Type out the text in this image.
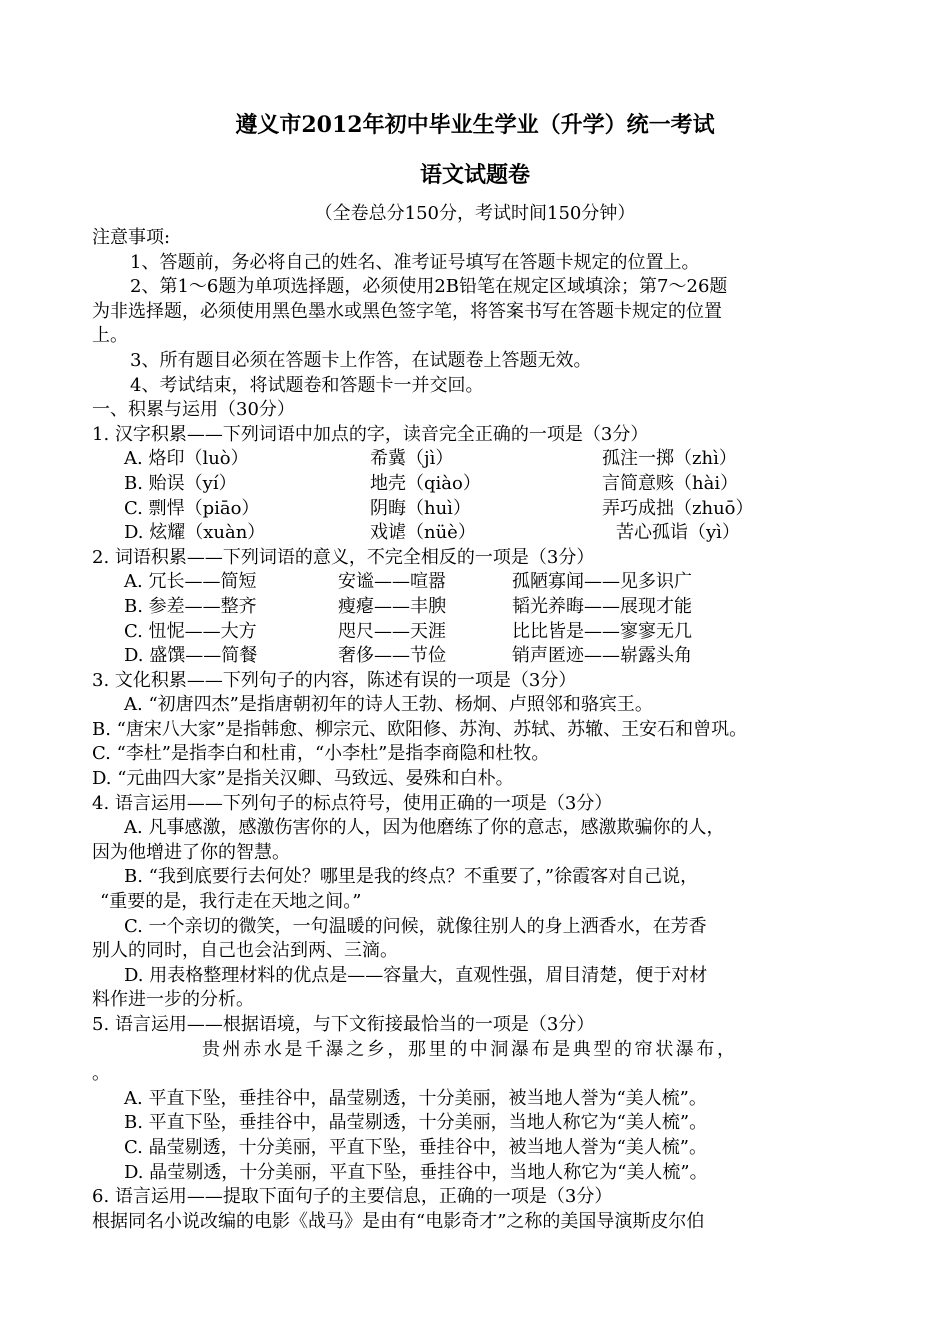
遵义市2012年初中毕业生学业（升学）统一考试
语文试题卷
（全卷总分150分，考试时间150分钟）
注意事项:
1、答题前，务必将自己的姓名、准考证号填写在答题卡规定的位置上。
2、第1～6题为单项选择题，必须使用2B铅笔在规定区域填涂；第7～26题
为非选择题，必须使用黑色墨水或黑色签字笔，将答案书写在答题卡规定的位置
上。
3、所有题目必须在答题卡上作答，在试题卷上答题无效。
4、考试结束，将试题卷和答题卡一并交回。
一、积累与运用（30分）
1. 汉字积累——下列词语中加点的字，读音完全正确的一项是（3分）
A. 烙印（luò）	希冀（jì）	孤注一掷（zhì）
B. 贻误（yí）	地壳（qiào）	言简意赅（hài）
C. 剽悍（piāo）	阴晦（huì）	弄巧成拙（zhuō）
D. 炫耀（xuàn）	戏谑（nüè）	苦心孤诣（yì）
2. 词语积累——下列词语的意义，不完全相反的一项是（3分）
A. 冗长——简短	安谧——喧嚣	孤陋寡闻——见多识广
B. 参差——整齐	瘦瘪——丰腴	韬光养晦——展现才能
C. 忸怩——大方	咫尺——天涯	比比皆是——寥寥无几
D. 盛馔——简餐	奢侈——节俭	销声匿迹——崭露头角
3. 文化积累——下列句子的内容，陈述有误的一项是（3分）
A. “初唐四杰”是指唐朝初年的诗人王勃、杨炯、卢照邻和骆宾王。
B. “唐宋八大家”是指韩愈、柳宗元、欧阳修、苏洵、苏轼、苏辙、王安石和曾巩。
C. “李杜”是指李白和杜甫，“小李杜”是指李商隐和杜牧。
D. “元曲四大家”是指关汉卿、马致远、晏殊和白朴。
4. 语言运用——下列句子的标点符号，使用正确的一项是（3分）
A. 凡事感激，感激伤害你的人，因为他磨练了你的意志，感激欺骗你的人，
因为他增进了你的智慧。
B. “我到底要行去何处？哪里是我的终点？不重要了，”徐霞客对自己说，
“重要的是，我行走在天地之间。”
C. 一个亲切的微笑，一句温暖的问候，就像往别人的身上洒香水，在芳香
别人的同时，自己也会沾到两、三滴。
D. 用表格整理材料的优点是——容量大，直观性强，眉目清楚，便于对材
料作进一步的分析。
5. 语言运用——根据语境，与下文衔接最恰当的一项是（3分）
贵州赤水是千瀑之乡，那里的中洞瀑布是典型的帘状瀑布，
。
A. 平直下坠，垂挂谷中，晶莹剔透，十分美丽，被当地人誉为“美人梳”。
B. 平直下坠，垂挂谷中，晶莹剔透，十分美丽，当地人称它为“美人梳”。
C. 晶莹剔透，十分美丽，平直下坠，垂挂谷中，被当地人誉为“美人梳”。
D. 晶莹剔透，十分美丽，平直下坠，垂挂谷中，当地人称它为“美人梳”。
6. 语言运用——提取下面句子的主要信息，正确的一项是（3分）
根据同名小说改编的电影《战马》是由有“电影奇才”之称的美国导演斯皮尔伯
